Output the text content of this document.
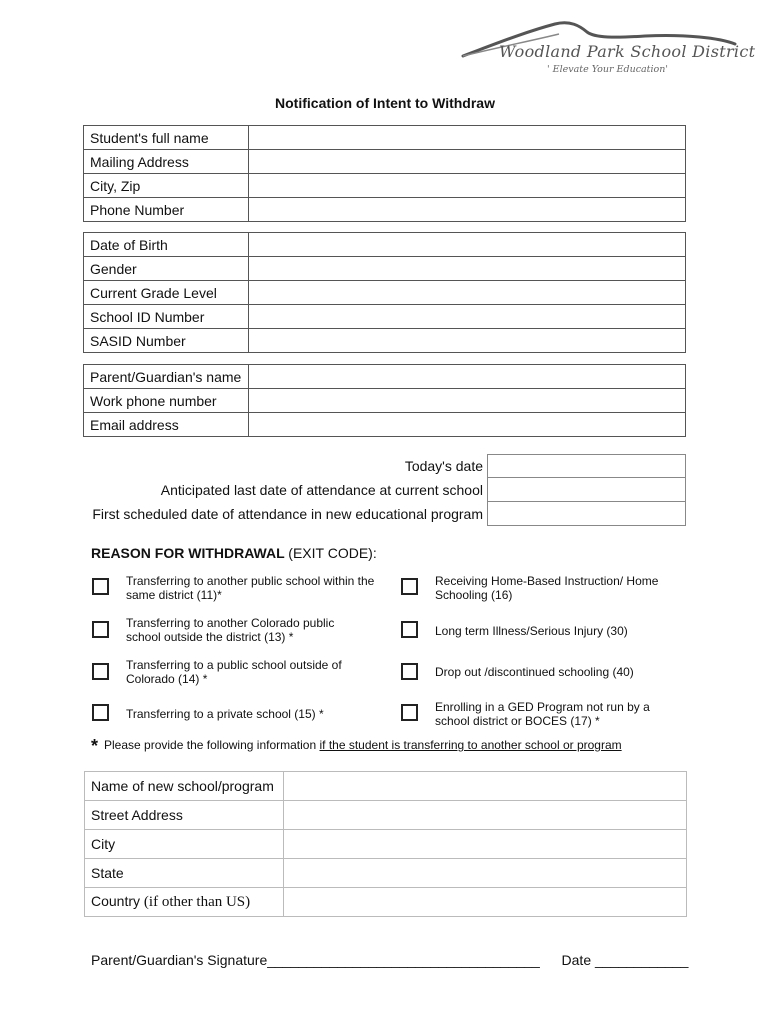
Woodland Park School District
' Elevate Your Education'
Notification of Intent to Withdraw
Student's full name	
Mailing Address	
City, Zip	
Phone Number	
Date of Birth	
Gender	
Current Grade Level	
School ID Number	
SASID Number	
Parent/Guardian's name	
Work phone number	
Email address	
Today's date
Anticipated last date of attendance at current school
First scheduled date of attendance in new educational program
REASON FOR WITHDRAWAL (EXIT CODE):
Transferring to another public school within the same district (11)*
Transferring to another Colorado public school outside the district (13) *
Transferring to a public school outside of Colorado (14) *
Transferring to a private school (15) *
Receiving Home-Based Instruction/ Home Schooling (16)
Long term Illness/Serious Injury (30)
Drop out /discontinued schooling (40)
Enrolling in a GED Program not run by a school district or BOCES (17) *
* Please provide the following information if the student is transferring to another school or program
Name of new school/program	
Street Address	
City	
State	
Country (if other than US)	
Parent/Guardian's Signature___________________________________ Date ____________
